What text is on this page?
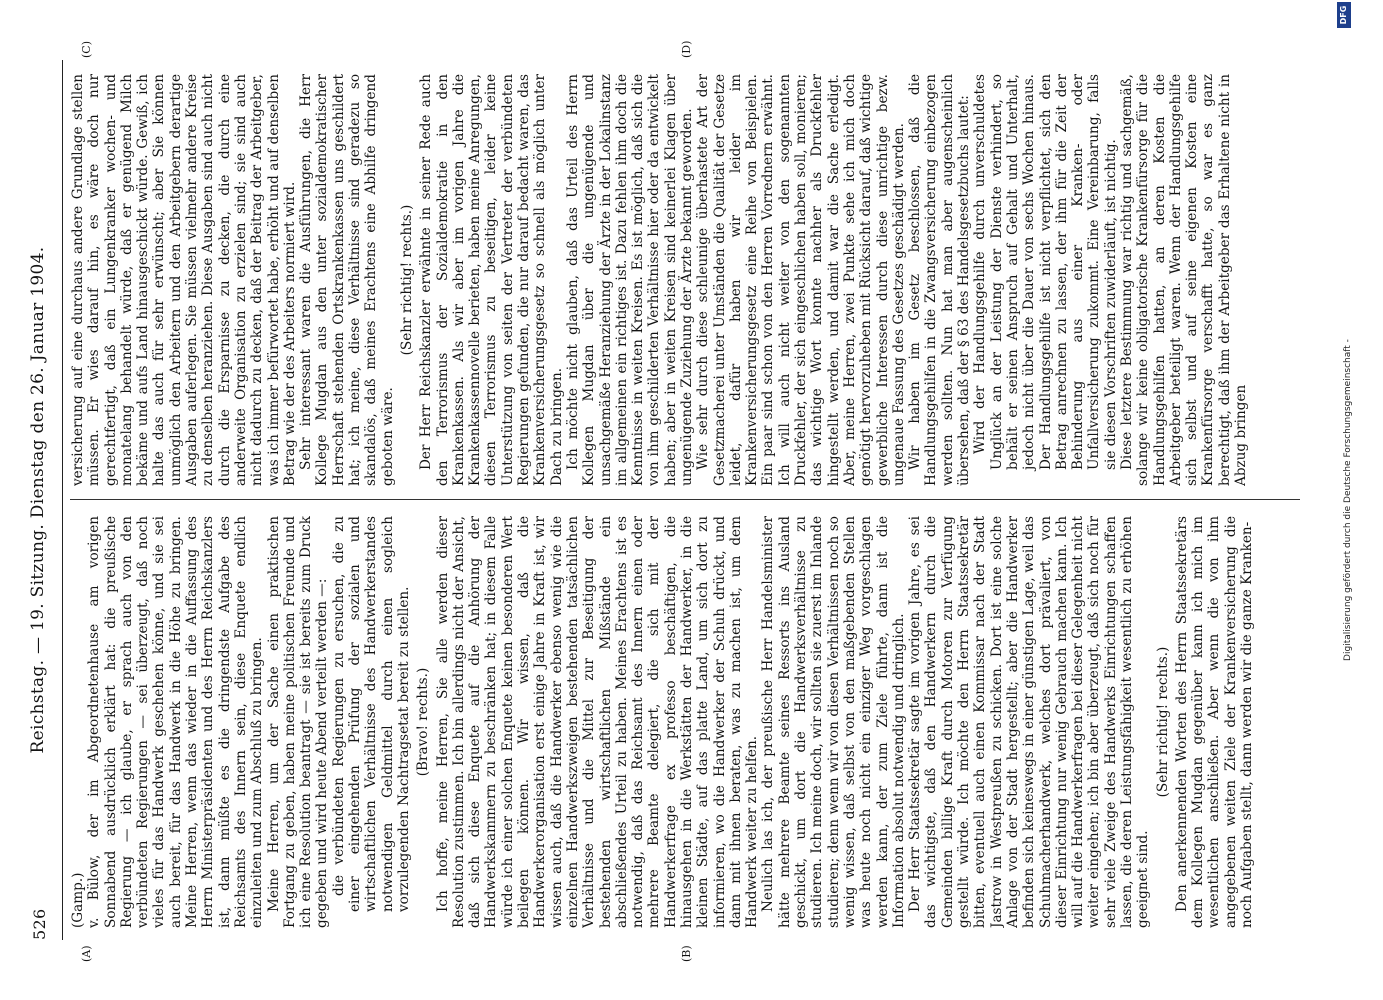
526
Reichstag. — 19. Sitzung. Dienstag den 26. Januar 1904.
(A)	(B)
(C)	(D)

(Gamp.) v. Bülow, der im Abgeordnetenhause am vorigen Sonnabend ausdrücklich erklärt hat: die preußische Regierung — ich glaube, er sprach auch von den verbündeten Regierungen — sei überzeugt, daß noch vieles für das Handwerk geschehen könne, und sie sei auch bereit, für das Handwerk in die Höhe zu bringen. Meine Herren, wenn das wieder in die Auffassung des Herrn Ministerpräsidenten und des Herrn Reichskanzlers ist, dann müßte es die dringendste Aufgabe des Reichsamts des Innern sein, diese Enquete endlich einzuleiten und zum Abschluß zu bringen. Meine Herren, um der Sache einen praktischen Fortgang zu geben, haben meine politischen Freunde und ich eine Resolution beantragt — sie ist bereits zum Druck gegeben und wird heute Abend verteilt werden —: die verbündeten Regierungen zu ersuchen, die zu einer eingehenden Prüfung der sozialen und wirtschaftlichen Verhältnisse des Handwerkerstandes notwendigen Geldmittel durch einen sogleich vorzulegenden Nachtragsetat bereit zu stellen. (Bravo! rechts.) Ich hoffe, meine Herren, Sie alle werden dieser Resolution zustimmen. Ich bin allerdings nicht der Ansicht, daß sich diese Enquete auf die Anhörung der Handwerkskammern zu beschränken hat; in diesem Falle würde ich einer solchen Enquete keinen besonderen Wert beilegen können. Wir wissen, daß die Handwerkerorganisation erst einige Jahre in Kraft ist, wir wissen auch, daß die Handwerker ebenso wenig wie die einzelnen Handwerkszweigen bestehenden tatsächlichen Verhältnisse und die Mittel zur Beseitigung der bestehenden wirtschaftlichen Mißstände ein abschließendes Urteil zu haben. Meines Erachtens ist es notwendig, daß das Reichsamt des Innern einen oder mehrere Beamte delegiert, die sich mit der Handwerkerfrage ex professo beschäftigen, die hinausgehen in die Werkstätten der Handwerker, in die kleinen Städte, auf das platte Land, um sich dort zu informieren, wo die Handwerker der Schuh drückt, und dann mit ihnen beraten, was zu machen ist, um dem Handwerk weiter zu helfen. Neulich las ich, der preußische Herr Handelsminister hätte mehrere Beamte seines Ressorts ins Ausland geschickt, um dort die Handwerksverhältnisse zu studieren. Ich meine doch, wir sollten sie zuerst im Inlande studieren; denn wenn wir von diesen Verhältnissen noch so wenig wissen, daß selbst von den maßgebenden Stellen was heute noch nicht ein einziger Weg vorgeschlagen werden kann, der zum Ziele führte, dann ist die Information absolut notwendig und dringlich. Der Herr Staatssekretär sagte im vorigen Jahre, es sei das wichtigste, daß den Handwerkern durch die Gemeinden billige Kraft durch Motoren zur Verfügung gestellt würde. Ich möchte den Herrn Staatssekretär bitten, eventuell auch einen Kommissar nach der Stadt Jastrow in Westpreußen zu schicken. Dort ist eine solche Anlage von der Stadt hergestellt; aber die Handwerker befinden sich keineswegs in einer günstigen Lage, weil das Schuhmacherhandwerk, welches dort prävaliert, von dieser Einrichtung nur wenig Gebrauch machen kann. Ich will auf die Handwerkerfragen bei dieser Gelegenheit nicht weiter eingehen; ich bin aber überzeugt, daß sich noch für sehr viele Zweige des Handwerks Einrichtungen schaffen lassen, die deren Leistungsfähigkeit wesentlich zu erhöhen geeignet sind.

(Sehr richtig! rechts.) Den anerkennenden Worten des Herrn Staatssekretärs dem Kollegen Mugdan gegenüber kann ich mich im wesentlichen anschließen. Aber wenn die von ihm angegebenen weiten Ziele der Krankenversicherung die noch Aufgaben stellt, dann werden wir die ganze Kranken-

versicherung auf eine durchaus andere Grundlage stellen müssen. Er wies darauf hin, es wäre doch nur gerechtfertigt, daß ein Lungenkranker wochen- und monatelang behandelt würde, daß er genügend Milch bekäme und aufs Land hinausgeschickt würde. Gewiß, ich halte das auch für sehr erwünscht; aber Sie können unmöglich den Arbeitern und den Arbeitgebern derartige Ausgaben auferlegen. Sie müssen vielmehr andere Kreise zu denselben heranziehen. Diese Ausgaben sind auch nicht durch die Ersparnisse zu decken, die durch eine anderweite Organisation zu erzielen sind; sie sind auch nicht dadurch zu decken, daß der Beitrag der Arbeitgeber, was ich immer befürwortet habe, erhöht und auf denselben Betrag wie der des Arbeiters normiert wird. Sehr interessant waren die Ausführungen, die Herr Kollege Mugdan aus den unter sozialdemokratischer Herrschaft stehenden Ortskrankenkassen uns geschildert hat; ich meine, diese Verhältnisse sind geradezu so skandalös, daß meines Erachtens eine Abhilfe dringend geboten wäre.

(Sehr richtig! rechts.) Der Herr Reichskanzler erwähnte in seiner Rede auch den Terrorismus der Sozialdemokratie in den Krankenkassen. Als wir aber im vorigen Jahre die Krankenkassennovelle berieten, haben meine Anregungen, diesen Terrorismus zu beseitigen, leider keine Unterstützung von seiten der Vertreter der verbündeten Regierungen gefunden, die nur darauf bedacht waren, das Krankenversicherungsgesetz so schnell als möglich unter Dach zu bringen. Ich möchte nicht glauben, daß das Urteil des Herrn Kollegen Mugdan über die ungenügende und unsachgemäße Heranziehung der Ärzte in der Lokalinstanz im allgemeinen ein richtiges ist. Dazu fehlen ihm doch die Kenntnisse in weiten Kreisen. Es ist möglich, daß sich die von ihm geschilderten Verhältnisse hier oder da entwickelt haben; aber in weiten Kreisen sind keinerlei Klagen über ungenügende Zuziehung der Ärzte bekannt geworden. Wie sehr durch diese schleunige überhastete Art der Gesetzmacherei unter Umständen die Qualität der Gesetze leidet, dafür haben wir leider im Krankenversicherungsgesetz eine Reihe von Beispielen. Ein paar sind schon von den Herren Vorrednern erwähnt. Ich will auch nicht weiter von den sogenannten Druckfehler, der sich eingeschlichen haben soll, monieren; das wichtige Wort konnte nachher als Druckfehler hingestellt werden, und damit war die Sache erledigt. Aber, meine Herren, zwei Punkte sehe ich mich doch genötigt hervorzuheben mit Rücksicht darauf, daß wichtige gewerbliche Interessen durch diese unrichtige bezw. ungenaue Fassung des Gesetzes geschädigt werden. Wir haben im Gesetz beschlossen, daß die Handlungsgehilfen in die Zwangsversicherung einbezogen werden sollten. Nun hat man aber augenscheinlich übersehen, daß der § 63 des Handelsgesetzbuchs lautet: Wird der Handlungsgehilfe durch unverschuldetes Unglück an der Leistung der Dienste verhindert, so behält er seinen Anspruch auf Gehalt und Unterhalt, jedoch nicht über die Dauer von sechs Wochen hinaus. Der Handlungsgehilfe ist nicht verpflichtet, sich den Betrag anrechnen zu lassen, der ihm für die Zeit der Behinderung aus einer Kranken- oder Unfallversicherung zukommt. Eine Vereinbarung, falls sie diesen Vorschriften zuwiderläuft, ist nichtig. Diese letztere Bestimmung war richtig und sachgemäß, solange wir keine obligatorische Krankenfürsorge für die Handlungsgehilfen hatten, an deren Kosten die Arbeitgeber beteiligt waren. Wenn der Handlungsgehilfe sich selbst und auf seine eigenen Kosten eine Krankenfürsorge verschafft hatte, so war es ganz berechtigt, daß ihm der Arbeitgeber das Erhaltene nicht in Abzug bringen	Digitalisierung gefördert durch die Deutsche Forschungsgemeinschaft -
DFG
